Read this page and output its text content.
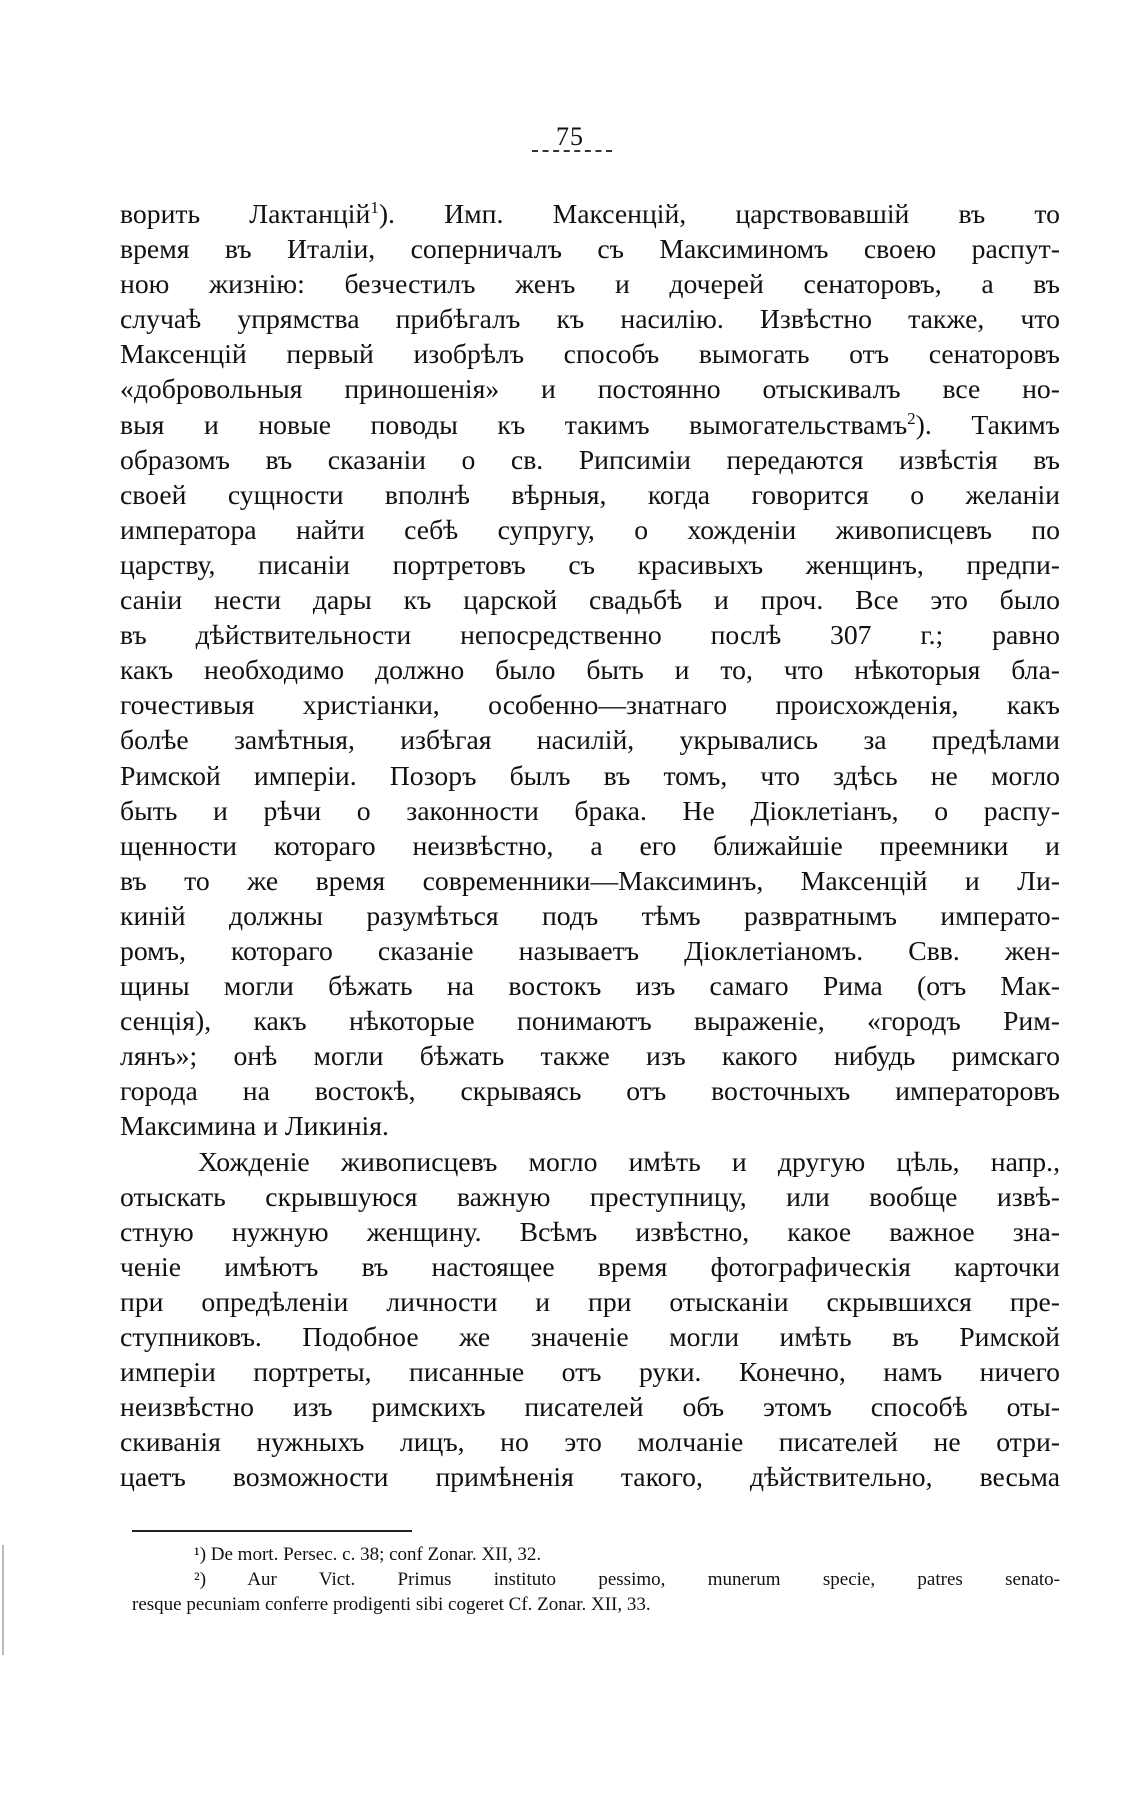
75
ворить Лактанцій$^1$). Имп. Максенцій, царствовавшій въ то
время въ Италіи, соперничалъ съ Максиминомъ своею распут-
ною жизнію: безчестилъ женъ и дочерей сенаторовъ, а въ
случаѣ упрямства прибѣгалъ къ насилію. Извѣстно также, что
Максенцій первый изобрѣлъ способъ вымогать отъ сенаторовъ
«добровольныя приношенія» и постоянно отыскивалъ все но-
выя и новые поводы къ такимъ вымогательствамъ$^2$). Такимъ
образомъ въ сказаніи о св. Рипсиміи передаются извѣстія въ
своей сущности вполнѣ вѣрныя, когда говорится о желаніи
императора найти себѣ супругу, о хожденіи живописцевъ по
царству, писаніи портретовъ съ красивыхъ женщинъ, предпи-
саніи нести дары къ царской свадьбѣ и проч. Все это было
въ дѣйствительности непосредственно послѣ 307 г.; равно
какъ необходимо должно было быть и то, что нѣкоторыя бла-
гочестивыя христіанки, особенно—знатнаго происхожденія, какъ
болѣе замѣтныя, избѣгая насилій, укрывались за предѣлами
Римской имперіи. Позоръ былъ въ томъ, что здѣсь не могло
быть и рѣчи о законности брака. Не Діоклетіанъ, о распу-
щенности котораго неизвѣстно, а его ближайшіе преемники и
въ то же время современники—Максиминъ, Максенцій и Ли-
киній должны разумѣться подъ тѣмъ развратнымъ императо-
ромъ, котораго сказаніе называетъ Діоклетіаномъ. Свв. жен-
щины могли бѣжать на востокъ изъ самаго Рима (отъ Мак-
сенція), какъ нѣкоторые понимаютъ выраженіе, «городъ Рим-
лянъ»; онѣ могли бѣжать также изъ какого нибудь римскаго
города на востокѣ, скрываясь отъ восточныхъ императоровъ
Максимина и Ликинія.
Хожденіе живописцевъ могло имѣть и другую цѣль, напр.,
отыскать скрывшуюся важную преступницу, или вообще извѣ-
стную нужную женщину. Всѣмъ извѣстно, какое важное зна-
ченіе имѣютъ въ настоящее время фотографическія карточки
при опредѣленіи личности и при отысканіи скрывшихся пре-
ступниковъ. Подобное же значеніе могли имѣть въ Римской
имперіи портреты, писанные отъ руки. Конечно, намъ ничего
неизвѣстно изъ римскихъ писателей объ этомъ способѣ оты-
скиванія нужныхъ лицъ, но это молчаніе писателей не отри-
цаетъ возможности примѣненія такого, дѣйствительно, весьма
¹) De mort. Persec. c. 38; conf Zonar. XII, 32.
²) Aur Vict. Primus instituto pessimo, munerum specie, patres senato-
resque pecuniam conferre prodigenti sibi cogeret Cf. Zonar. XII, 33.
